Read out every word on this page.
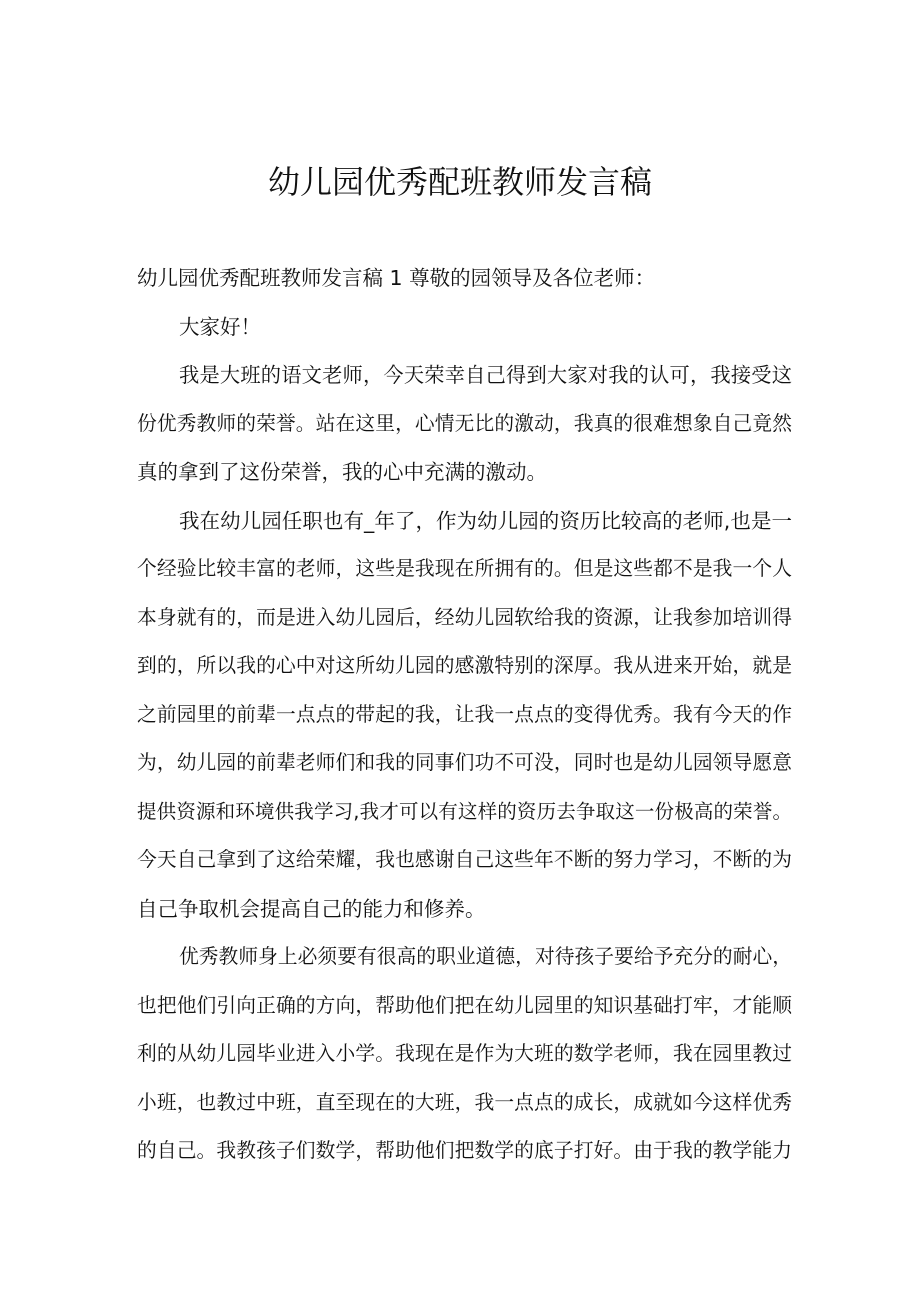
幼儿园优秀配班教师发言稿
幼儿园优秀配班教师发言稿 1 尊敬的园领导及各位老师：
大家好！
我是大班的语文老师，今天荣幸自己得到大家对我的认可，我接受这
份优秀教师的荣誉。站在这里，心情无比的激动，我真的很难想象自己竟然
真的拿到了这份荣誉，我的心中充满的激动。
我在幼儿园任职也有_年了，作为幼儿园的资历比较高的老师,也是一
个经验比较丰富的老师，这些是我现在所拥有的。但是这些都不是我一个人
本身就有的，而是进入幼儿园后，经幼儿园软给我的资源，让我参加培训得
到的，所以我的心中对这所幼儿园的感激特别的深厚。我从进来开始，就是
之前园里的前辈一点点的带起的我，让我一点点的变得优秀。我有今天的作
为，幼儿园的前辈老师们和我的同事们功不可没，同时也是幼儿园领导愿意
提供资源和环境供我学习,我才可以有这样的资历去争取这一份极高的荣誉。
今天自己拿到了这给荣耀，我也感谢自己这些年不断的努力学习，不断的为
自己争取机会提高自己的能力和修养。
优秀教师身上必须要有很高的职业道德，对待孩子要给予充分的耐心，
也把他们引向正确的方向，帮助他们把在幼儿园里的知识基础打牢，才能顺
利的从幼儿园毕业进入小学。我现在是作为大班的数学老师，我在园里教过
小班，也教过中班，直至现在的大班，我一点点的成长，成就如今这样优秀
的自己。我教孩子们数学，帮助他们把数学的底子打好。由于我的教学能力
